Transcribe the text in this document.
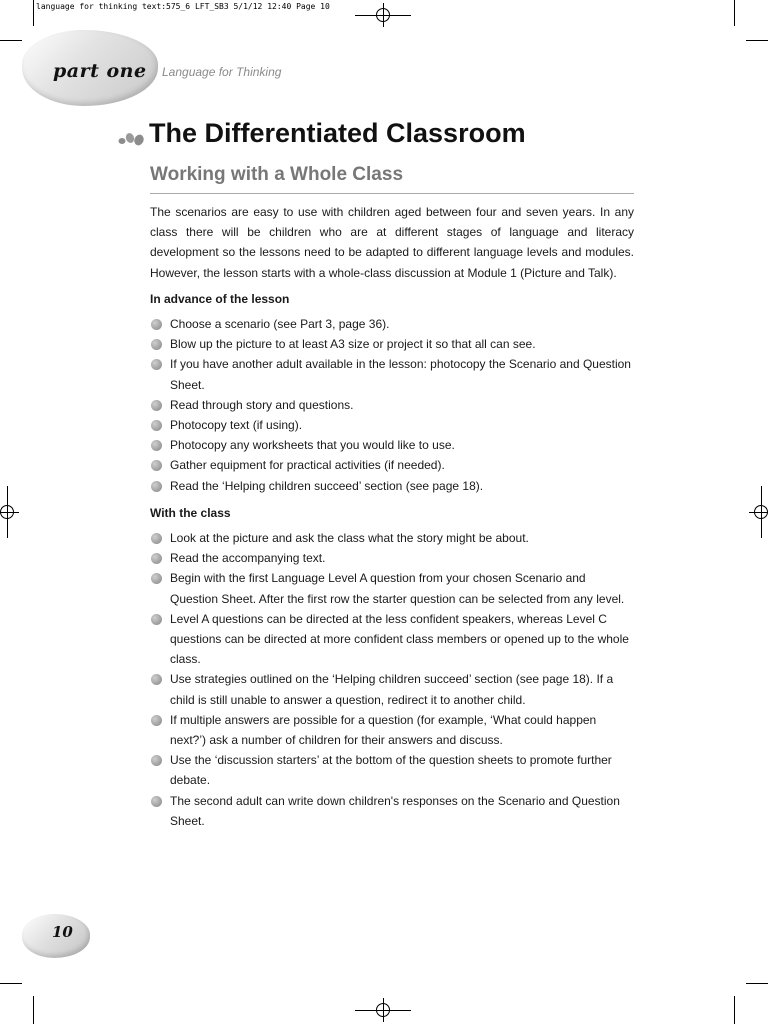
language for thinking text:575_6 LFT_SB3 5/1/12 12:40 Page 10
part one Language for Thinking
The Differentiated Classroom
Working with a Whole Class

The scenarios are easy to use with children aged between four and seven years. In any class there will be children who are at different stages of language and literacy development so the lessons need to be adapted to different language levels and modules. However, the lesson starts with a whole-class discussion at Module 1 (Picture and Talk).

In advance of the lesson

Choose a scenario (see Part 3, page 36).
Blow up the picture to at least A3 size or project it so that all can see.
If you have another adult available in the lesson: photocopy the Scenario and Question Sheet.
Read through story and questions.
Photocopy text (if using).
Photocopy any worksheets that you would like to use.
Gather equipment for practical activities (if needed).
Read the ‘Helping children succeed’ section (see page 18).

With the class

Look at the picture and ask the class what the story might be about.
Read the accompanying text.
Begin with the first Language Level A question from your chosen Scenario and Question Sheet. After the first row the starter question can be selected from any level.
Level A questions can be directed at the less confident speakers, whereas Level C questions can be directed at more confident class members or opened up to the whole class.
Use strategies outlined on the ‘Helping children succeed’ section (see page 18). If a child is still unable to answer a question, redirect it to another child.
If multiple answers are possible for a question (for example, ‘What could happen next?’) ask a number of children for their answers and discuss.
Use the ‘discussion starters’ at the bottom of the question sheets to promote further debate.
The second adult can write down children's responses on the Scenario and Question Sheet.
10
